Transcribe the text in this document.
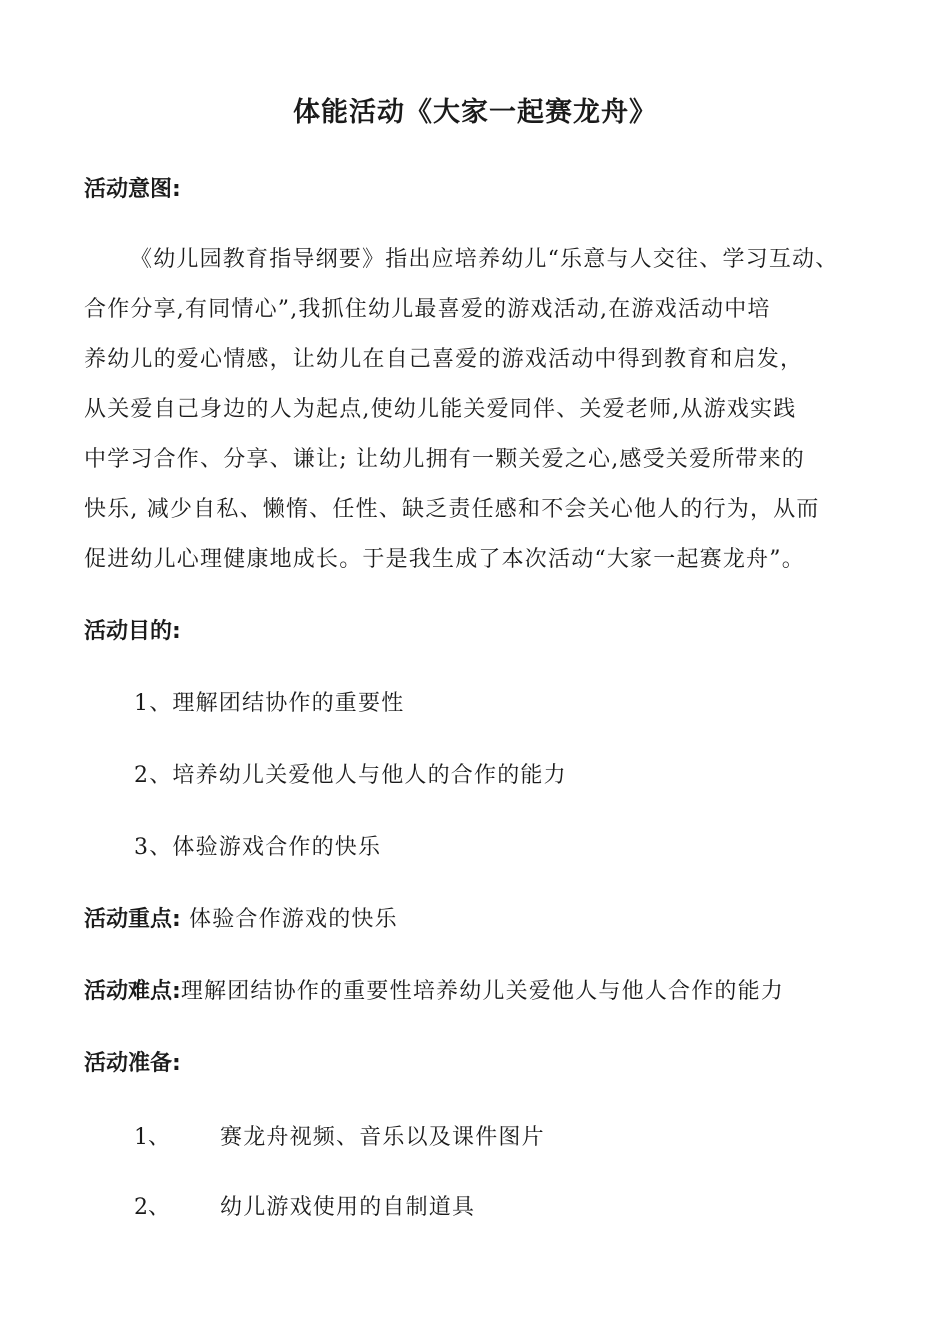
体能活动《大家一起赛龙舟》

活动意图:

《幼儿园教育指导纲要》指出应培养幼儿“乐意与人交往、学习互动、

合作分享,有同情心”,我抓住幼儿最喜爱的游戏活动,在游戏活动中培

养幼儿的爱心情感，让幼儿在自己喜爱的游戏活动中得到教育和启发，

从关爱自己身边的人为起点,使幼儿能关爱同伴、关爱老师,从游戏实践

中学习合作、分享、谦让; 让幼儿拥有一颗关爱之心,感受关爱所带来的

快乐, 减少自私、懒惰、任性、缺乏责任感和不会关心他人的行为，从而

促进幼儿心理健康地成长。于是我生成了本次活动“大家一起赛龙舟”。

活动目的:

1、理解团结协作的重要性

2、培养幼儿关爱他人与他人的合作的能力

3、体验游戏合作的快乐

活动重点: 体验合作游戏的快乐

活动难点:理解团结协作的重要性培养幼儿关爱他人与他人合作的能力

活动准备:

1、 赛龙舟视频、音乐以及课件图片

2、 幼儿游戏使用的自制道具
